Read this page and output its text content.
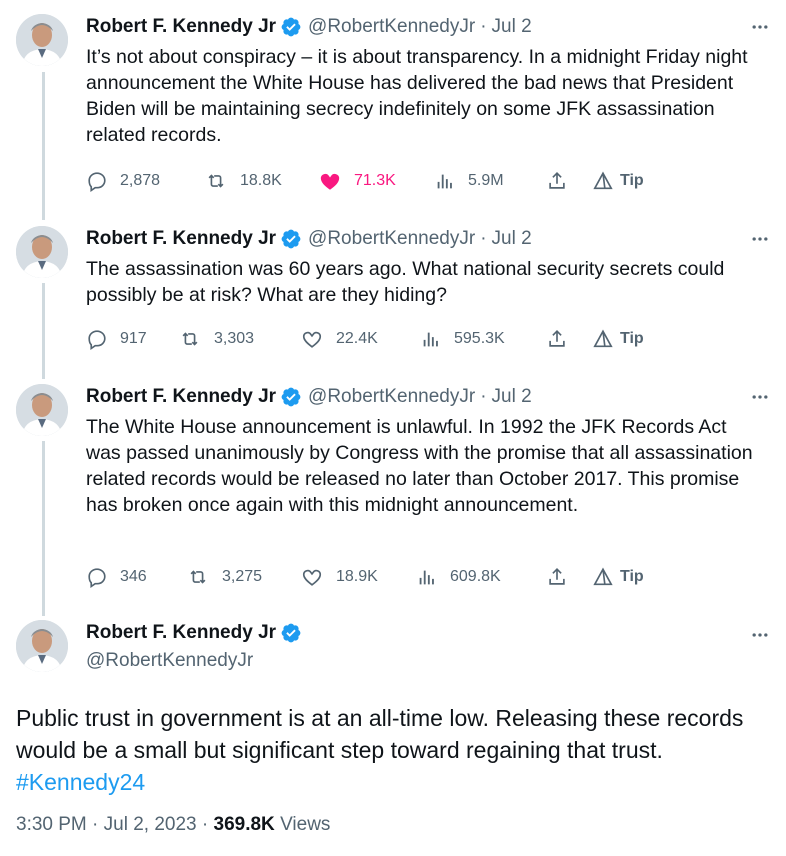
Robert F. Kennedy Jr @RobertKennedyJr · Jul 2
It’s not about conspiracy – it is about transparency. In a midnight Friday night announcement the White House has delivered the bad news that President Biden will be maintaining secrecy indefinitely on some JFK assassination related records.
2,878	18.8K	71.3K	5.9M	Tip
Robert F. Kennedy Jr @RobertKennedyJr · Jul 2
The assassination was 60 years ago. What national security secrets could possibly be at risk? What are they hiding?
917	3,303	22.4K	595.3K	Tip
Robert F. Kennedy Jr @RobertKennedyJr · Jul 2
The White House announcement is unlawful. In 1992 the JFK Records Act was passed unanimously by Congress with the promise that all assassination related records would be released no later than October 2017. This promise has broken once again with this midnight announcement.
346	3,275	18.9K	609.8K	Tip
Robert F. Kennedy Jr
@RobertKennedyJr
Public trust in government is at an all-time low. Releasing these records would be a small but significant step toward regaining that trust.
#Kennedy24
3:30 PM · Jul 2, 2023 · 369.8K Views
